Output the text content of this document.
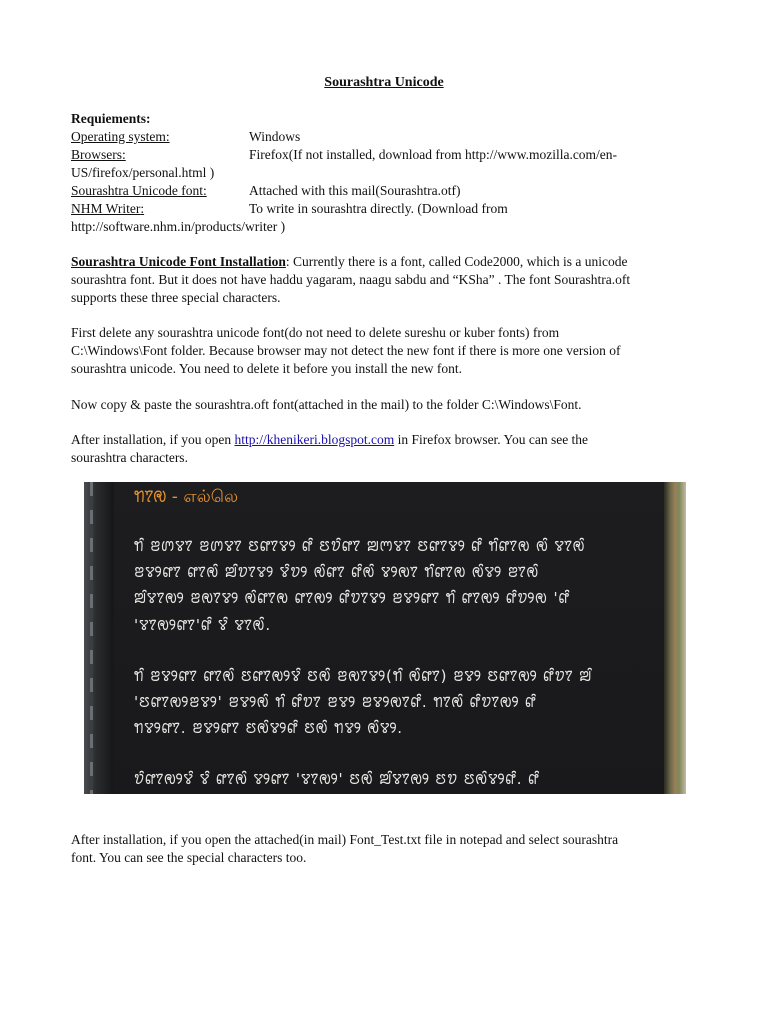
Sourashtra Unicode
Requiements:
Operating system:	Windows
Browsers:	Firefox(If not installed, download from http://www.mozilla.com/en-
US/firefox/personal.html )
Sourashtra Unicode font:	Attached with this mail(Sourashtra.otf)
NHM Writer:	To write in sourashtra directly. (Download from
http://software.nhm.in/products/writer )

Sourashtra Unicode Font Installation: Currently there is a font, called Code2000, which is a unicode
sourashtra font. But it does not have haddu yagaram, naagu sabdu and “KSha” . The font Sourashtra.oft
supports these three special characters.

First delete any sourashtra unicode font(do not need to delete sureshu or kuber fonts) from
C:\Windows\Font folder. Because browser may not detect the new font if there is more one version of
sourashtra unicode. You need to delete it before you install the new font.

Now copy & paste the sourashtra.oft font(attached in the mail) to the folder C:\Windows\Font.

After installation, if you open http://khenikeri.blogspot.com in Firefox browser. You can see the
sourashtra characters.

ꢒꢵꢯ - எல்லெ
ꢒꢶ ꢂꢩꢮꢵ ꢂꢩꢮꢵ ꢄꢥꢵꢮꢾ ꢥꢶ ꢄꢫꢶꢥꢵ ꢪꢳꢮꢵ ꢄꢥꢵꢮꢾ ꢥꢶ ꢒꢶꢥꢵꢯ ꢯꢶ ꢮꢵꢯꢶ
ꢂꢮꢾꢥꢵ ꢥꢵꢯꢶ ꢪꢶꢫꢵꢮꢾ ꢮꢶꢫꢾ ꢯꢶꢥꢵ ꢥꢶꢯꢶ ꢮꢾꢯꢵ ꢒꢶꢥꢵꢯ ꢯꢶꢮꢾ ꢂꢵꢯꢶ
ꢪꢶꢮꢵꢯꢾ ꢂꢯꢵꢮꢾ ꢯꢶꢥꢵꢯ ꢥꢵꢯꢾ ꢥꢶꢫꢵꢮꢾ ꢂꢮꢾꢥꢵ ꢒꢶ ꢥꢵꢯꢾ ꢥꢶꢫꢾꢯ 'ꢥꢶ
'ꢮꢵꢯꢾꢥꢵ'ꢥꢶ ꢮꢶ ꢮꢵꢯꢶ.
ꢒꢶ ꢂꢮꢾꢥꢵ ꢥꢵꢯꢶ ꢄꢥꢵꢯꢾꢮꢶ ꢄꢯꢶ ꢂꢯꢵꢮꢾ(ꢒꢶ ꢯꢶꢥꢵ) ꢂꢮꢾ ꢄꢥꢵꢯꢾ ꢥꢶꢫꢵ ꢪꢶ
'ꢄꢥꢵꢯꢾꢂꢮꢾ' ꢂꢮꢾꢯꢶ ꢒꢶ ꢥꢶꢫꢵ ꢂꢮꢾ ꢂꢮꢾꢯꢵꢥꢶ. ꢒꢵꢯꢶ ꢥꢶꢫꢵꢯꢾ ꢥꢶ
ꢒꢮꢾꢥꢵ. ꢂꢮꢾꢥꢵ ꢄꢯꢶꢮꢾꢥꢶ ꢄꢯꢶ ꢒꢮꢾ ꢯꢶꢮꢾ.
ꢫꢶꢥꢵꢯꢾꢮꢶ ꢮꢶ ꢥꢵꢯꢶ ꢮꢾꢥꢵ 'ꢮꢵꢯꢾ' ꢄꢯꢶ ꢪꢶꢮꢵꢯꢾ ꢄꢫ ꢄꢯꢶꢮꢾꢥꢶ. ꢥꢶ

After installation, if you open the attached(in mail) Font_Test.txt file in notepad and select sourashtra
font. You can see the special characters too.
